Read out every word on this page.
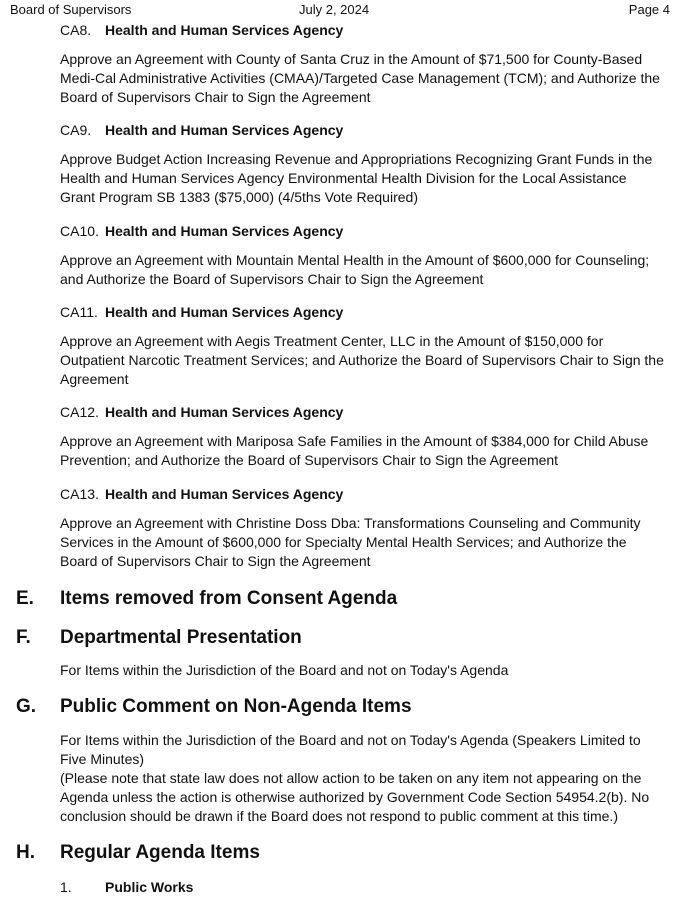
Board of Supervisors	July 2, 2024	Page 4
CA8. Health and Human Services Agency
Approve an Agreement with County of Santa Cruz in the Amount of $71,500 for County-Based Medi-Cal Administrative Activities (CMAA)/Targeted Case Management (TCM); and Authorize the Board of Supervisors Chair to Sign the Agreement
CA9. Health and Human Services Agency
Approve Budget Action Increasing Revenue and Appropriations Recognizing Grant Funds in the Health and Human Services Agency Environmental Health Division for the Local Assistance Grant Program SB 1383 ($75,000) (4/5ths Vote Required)
CA10. Health and Human Services Agency
Approve an Agreement with Mountain Mental Health in the Amount of $600,000 for Counseling; and Authorize the Board of Supervisors Chair to Sign the Agreement
CA11. Health and Human Services Agency
Approve an Agreement with Aegis Treatment Center, LLC in the Amount of $150,000 for Outpatient Narcotic Treatment Services; and Authorize the Board of Supervisors Chair to Sign the Agreement
CA12. Health and Human Services Agency
Approve an Agreement with Mariposa Safe Families in the Amount of $384,000 for Child Abuse Prevention; and Authorize the Board of Supervisors Chair to Sign the Agreement
CA13. Health and Human Services Agency
Approve an Agreement with Christine Doss Dba: Transformations Counseling and Community Services in the Amount of $600,000 for Specialty Mental Health Services; and Authorize the Board of Supervisors Chair to Sign the Agreement
E. Items removed from Consent Agenda
F. Departmental Presentation
For Items within the Jurisdiction of the Board and not on Today's Agenda
G. Public Comment on Non-Agenda Items
For Items within the Jurisdiction of the Board and not on Today's Agenda (Speakers Limited to Five Minutes)
(Please note that state law does not allow action to be taken on any item not appearing on the Agenda unless the action is otherwise authorized by Government Code Section 54954.2(b). No conclusion should be drawn if the Board does not respond to public comment at this time.)
H. Regular Agenda Items
1. Public Works
